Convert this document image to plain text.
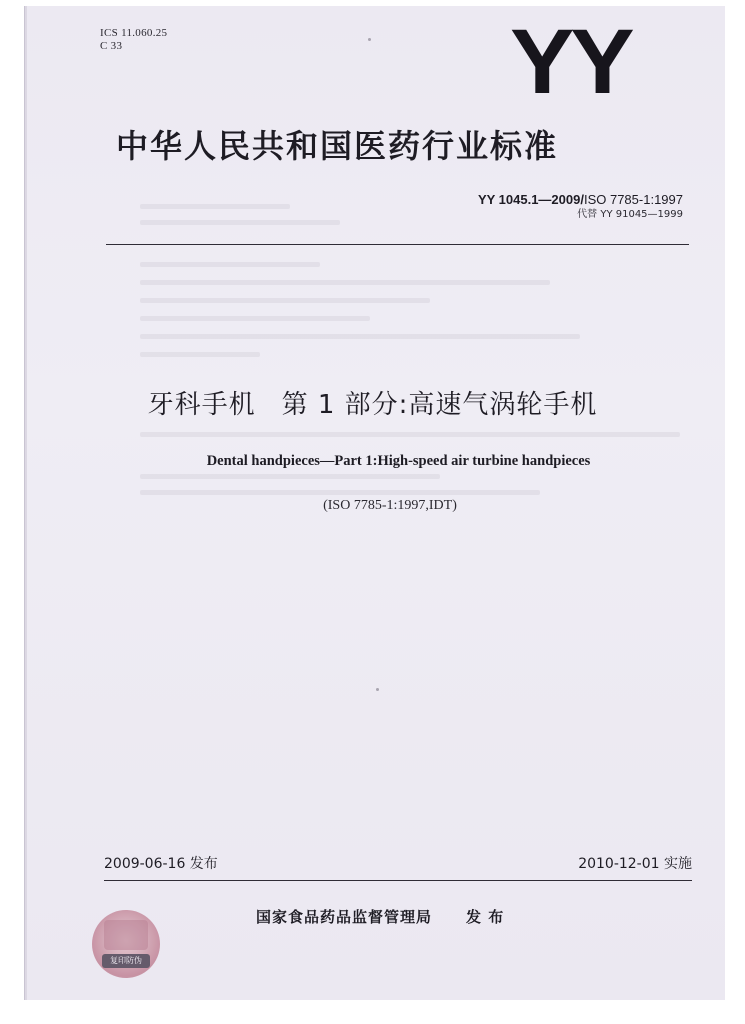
ICS 11.060.25
C 33	YY
中华人民共和国医药行业标准
YY 1045.1—2009/ISO 7785-1:1997
代替 YY 91045—1999
牙科手机 第 1 部分:高速气涡轮手机
Dental handpieces—Part 1:High-speed air turbine handpieces
(ISO 7785-1:1997,IDT)
2009-06-16 发布	2010-12-01 实施
复印防伪
国家食品药品监督管理局 发 布
